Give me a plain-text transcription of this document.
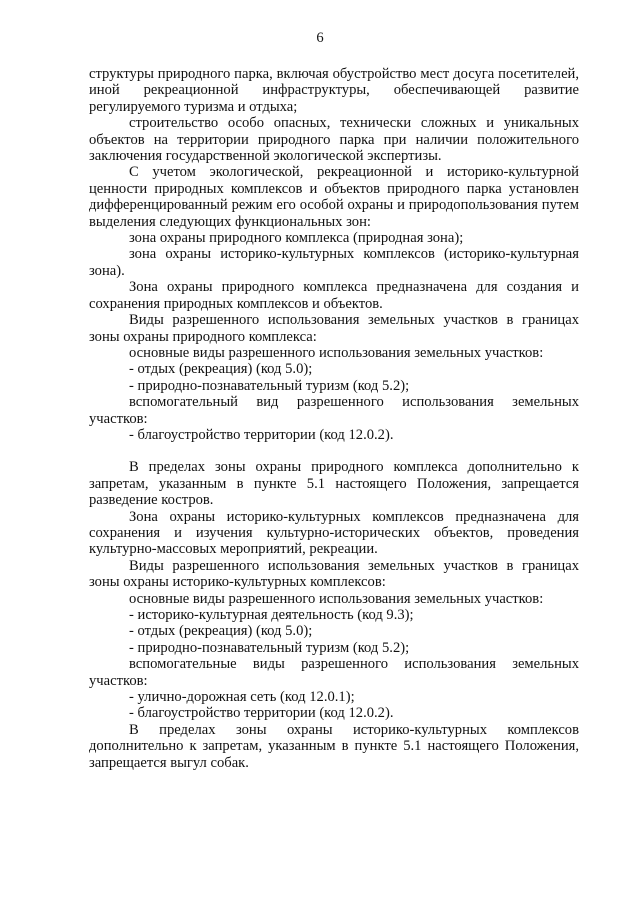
6

структуры природного парка, включая обустройство мест досуга посетителей, иной рекреационной инфраструктуры, обеспечивающей развитие регулируемого туризма и отдыха;

строительство особо опасных, технически сложных и уникальных объектов на территории природного парка при наличии положительного заключения государственной экологической экспертизы.

С учетом экологической, рекреационной и историко-культурной ценности природных комплексов и объектов природного парка установлен дифференцированный режим его особой охраны и природопользования путем выделения следующих функциональных зон:

зона охраны природного комплекса (природная зона);

зона охраны историко-культурных комплексов (историко-культурная зона).

Зона охраны природного комплекса предназначена для создания и сохранения природных комплексов и объектов.

Виды разрешенного использования земельных участков в границах зоны охраны природного комплекса:

основные виды разрешенного использования земельных участков:

- отдых (рекреация) (код 5.0);

- природно-познавательный туризм (код 5.2);

вспомогательный вид разрешенного использования земельных участков:

- благоустройство территории (код 12.0.2).

В пределах зоны охраны природного комплекса дополнительно к запретам, указанным в пункте 5.1 настоящего Положения, запрещается разведение костров.

Зона охраны историко-культурных комплексов предназначена для сохранения и изучения культурно-исторических объектов, проведения культурно-массовых мероприятий, рекреации.

Виды разрешенного использования земельных участков в границах зоны охраны историко-культурных комплексов:

основные виды разрешенного использования земельных участков:

- историко-культурная деятельность (код 9.3);

- отдых (рекреация) (код 5.0);

- природно-познавательный туризм (код 5.2);

вспомогательные виды разрешенного использования земельных участков:

- улично-дорожная сеть (код 12.0.1);

- благоустройство территории (код 12.0.2).

В пределах зоны охраны историко-культурных комплексов дополнительно к запретам, указанным в пункте 5.1 настоящего Положения, запрещается выгул собак.
